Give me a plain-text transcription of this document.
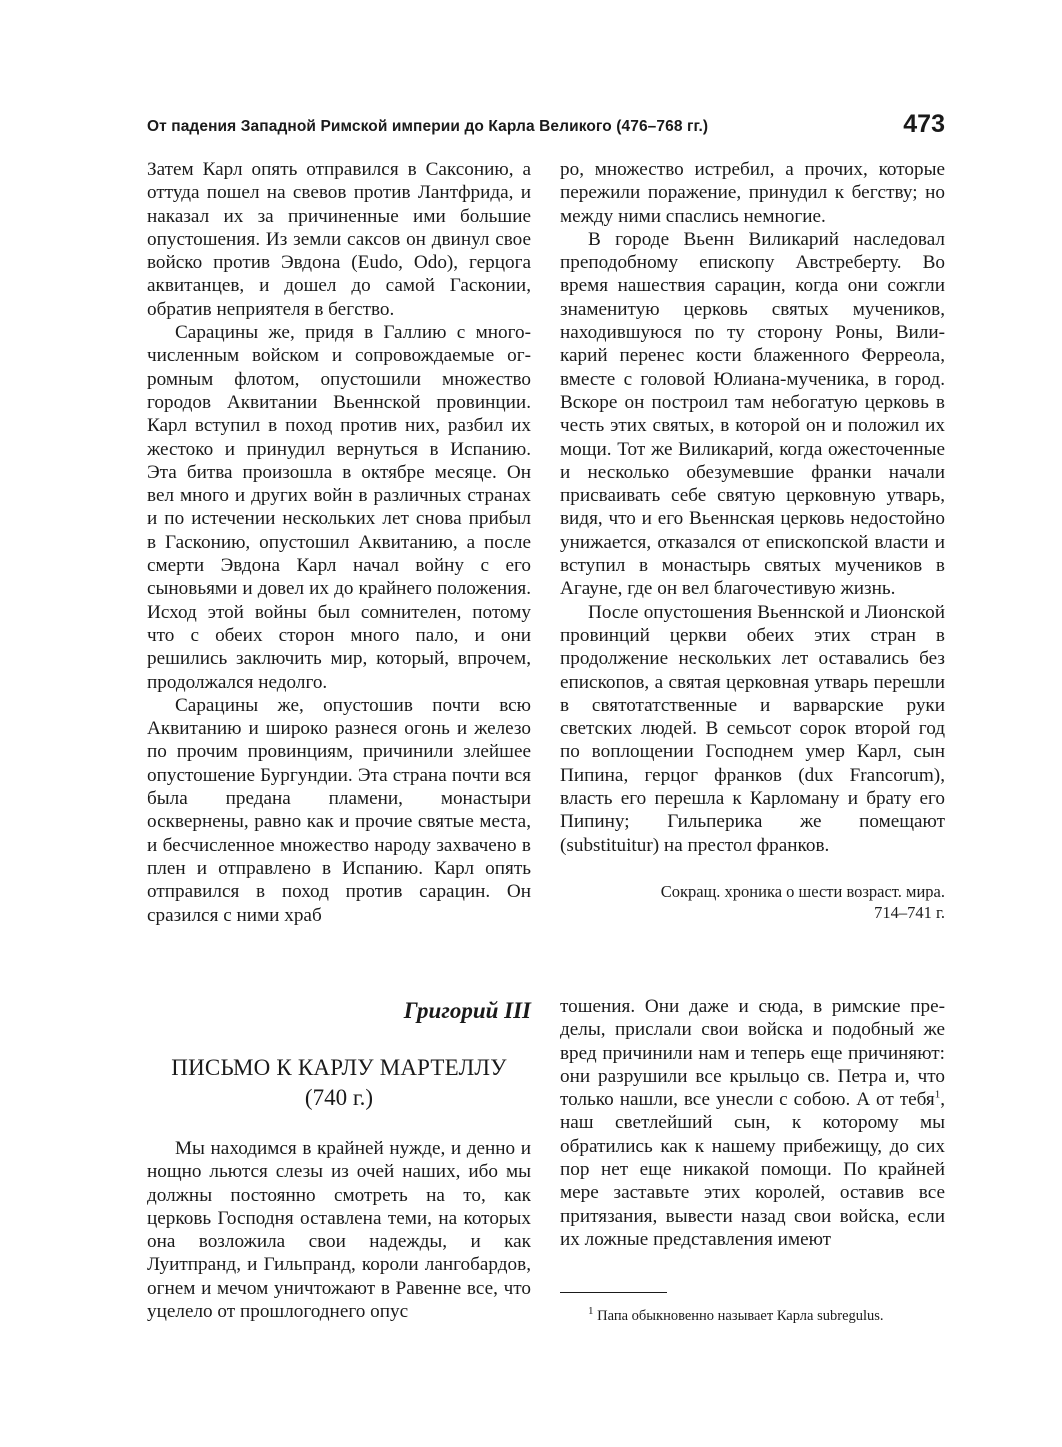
От падения Западной Римской империи до Карла Великого (476–768 гг.)	473

Затем Карл опять отправился в Саксонию, а оттуда пошел на свевов против Лантфрида, и наказал их за причиненные ими большие опустошения. Из земли саксов он двинул свое войско против Эвдона (Eudo, Odo), герцога аквитанцев, и дошел до самой Гасконии, обратив неприятеля в бегство.

Сарацины же, придя в Галлию с многочисленным войском и сопровождаемые огромным флотом, опустошили множество городов Аквитании Вьеннской провинции. Карл вступил в поход против них, разбил их жестоко и принудил вернуться в Испанию. Эта битва произошла в октябре месяце. Он вел много и других войн в различных странах и по истечении нескольких лет снова прибыл в Гасконию, опустошил Аквитанию, а после смерти Эвдона Карл начал войну с его сыновьями и довел их до крайнего положения. Исход этой войны был сомнителен, потому что с обеих сторон много пало, и они решились заключить мир, который, впрочем, продолжался недолго.

Сарацины же, опустошив почти всю Аквитанию и широко разнеся огонь и железо по прочим провинциям, причинили злейшее опустошение Бургундии. Эта страна почти вся была предана пламени, монастыри осквернены, равно как и прочие святые места, и бесчисленное множество народу захвачено в плен и отправлено в Испанию. Карл опять отправился в поход против сарацин. Он сразился с ними храб

ро, множество истребил, а прочих, которые пережили поражение, принудил к бегству; но между ними спаслись немногие.

В городе Вьенн Виликарий наследовал преподобному епископу Австреберту. Во время нашествия сарацин, когда они сожгли знаменитую церковь святых мучеников, находившуюся по ту сторону Роны, Виликарий перенес кости блаженного Ферреола, вместе с головой Юлиана-мученика, в город. Вскоре он построил там небогатую церковь в честь этих святых, в которой он и положил их мощи. Тот же Виликарий, когда ожесточенные и несколько обезумевшие франки начали присваивать себе святую церковную утварь, видя, что и его Вьеннская церковь недостойно унижается, отказался от епископской власти и вступил в монастырь святых мучеников в Агауне, где он вел благочестивую жизнь.

После опустошения Вьеннской и Лионской провинций церкви обеих этих стран в продолжение нескольких лет оставались без епископов, а святая церковная утварь перешли в святотатственные и варварские руки светских людей. В семьсот сорок второй год по воплощении Господнем умер Карл, сын Пипина, герцог франков (dux Francorum), власть его перешла к Карломану и брату его Пипину; Гильперика же помещают (substituitur) на престол франков.

Сокращ. хроника о шести возраст. мира.
714–741 г.
Григорий III
ПИСЬМО К КАРЛУ МАРТЕЛЛУ
(740 г.)

Мы находимся в крайней нужде, и денно и нощно льются слезы из очей наших, ибо мы должны постоянно смотреть на то, как церковь Господня оставлена теми, на которых она возложила свои надежды, и как Луитпранд, и Гильпранд, короли лангобардов, огнем и мечом уничтожают в Равенне все, что уцелело от прошлогоднего опус

тошения. Они даже и сюда, в римские пределы, прислали свои войска и подобный же вред причинили нам и теперь еще причиняют: они разрушили все крыльцо св. Петра и, что только нашли, все унесли с собою. А от тебя$^1$, наш светлейший сын, к которому мы обратились как к нашему прибежищу, до сих пор нет еще никакой помощи. По крайней мере заставьте этих королей, оставив все притязания, вывести назад свои войска, если их ложные представления имеют

$^1$ Папа обыкновенно называет Карла subregulus.
